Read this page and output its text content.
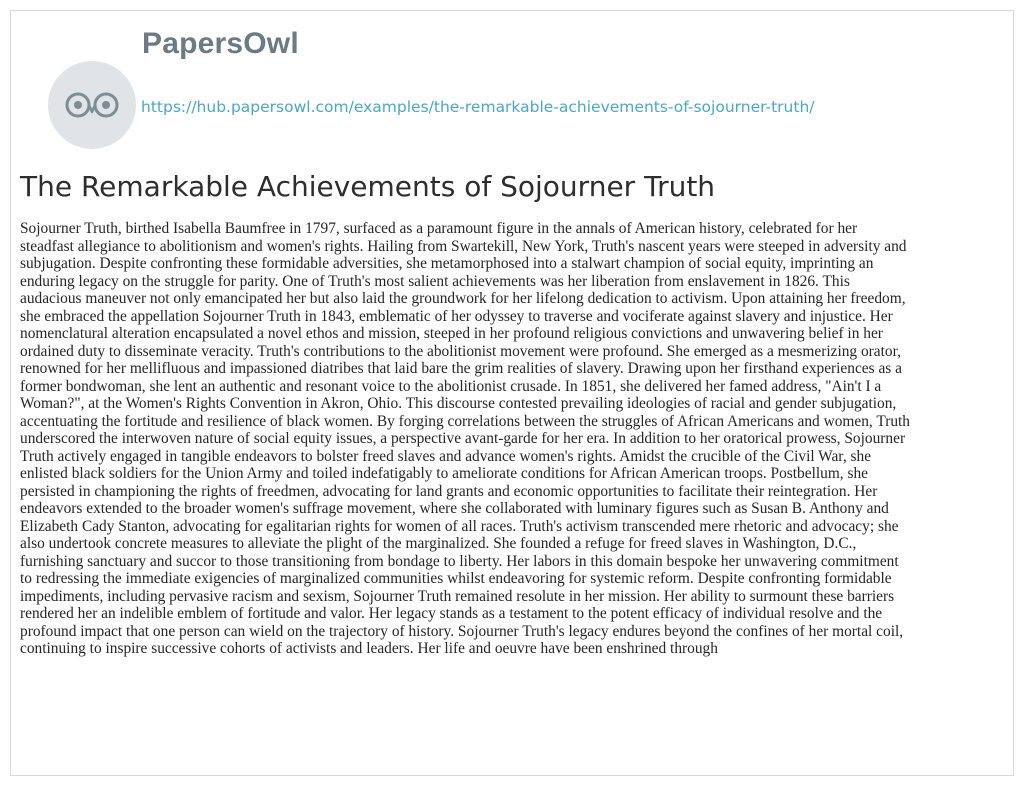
PapersOwl
https://hub.papersowl.com/examples/the-remarkable-achievements-of-sojourner-truth/
The Remarkable Achievements of Sojourner Truth
Sojourner Truth, birthed Isabella Baumfree in 1797, surfaced as a paramount figure in the annals of American history, celebrated for her
steadfast allegiance to abolitionism and women's rights. Hailing from Swartekill, New York, Truth's nascent years were steeped in adversity and
subjugation. Despite confronting these formidable adversities, she metamorphosed into a stalwart champion of social equity, imprinting an
enduring legacy on the struggle for parity. One of Truth's most salient achievements was her liberation from enslavement in 1826. This
audacious maneuver not only emancipated her but also laid the groundwork for her lifelong dedication to activism. Upon attaining her freedom,
she embraced the appellation Sojourner Truth in 1843, emblematic of her odyssey to traverse and vociferate against slavery and injustice. Her
nomenclatural alteration encapsulated a novel ethos and mission, steeped in her profound religious convictions and unwavering belief in her
ordained duty to disseminate veracity. Truth's contributions to the abolitionist movement were profound. She emerged as a mesmerizing orator,
renowned for her mellifluous and impassioned diatribes that laid bare the grim realities of slavery. Drawing upon her firsthand experiences as a
former bondwoman, she lent an authentic and resonant voice to the abolitionist crusade. In 1851, she delivered her famed address, "Ain't I a
Woman?", at the Women's Rights Convention in Akron, Ohio. This discourse contested prevailing ideologies of racial and gender subjugation,
accentuating the fortitude and resilience of black women. By forging correlations between the struggles of African Americans and women, Truth
underscored the interwoven nature of social equity issues, a perspective avant-garde for her era. In addition to her oratorical prowess, Sojourner
Truth actively engaged in tangible endeavors to bolster freed slaves and advance women's rights. Amidst the crucible of the Civil War, she
enlisted black soldiers for the Union Army and toiled indefatigably to ameliorate conditions for African American troops. Postbellum, she
persisted in championing the rights of freedmen, advocating for land grants and economic opportunities to facilitate their reintegration. Her
endeavors extended to the broader women's suffrage movement, where she collaborated with luminary figures such as Susan B. Anthony and
Elizabeth Cady Stanton, advocating for egalitarian rights for women of all races. Truth's activism transcended mere rhetoric and advocacy; she
also undertook concrete measures to alleviate the plight of the marginalized. She founded a refuge for freed slaves in Washington, D.C.,
furnishing sanctuary and succor to those transitioning from bondage to liberty. Her labors in this domain bespoke her unwavering commitment
to redressing the immediate exigencies of marginalized communities whilst endeavoring for systemic reform. Despite confronting formidable
impediments, including pervasive racism and sexism, Sojourner Truth remained resolute in her mission. Her ability to surmount these barriers
rendered her an indelible emblem of fortitude and valor. Her legacy stands as a testament to the potent efficacy of individual resolve and the
profound impact that one person can wield on the trajectory of history. Sojourner Truth's legacy endures beyond the confines of her mortal coil,
continuing to inspire successive cohorts of activists and leaders. Her life and oeuvre have been enshrined through
